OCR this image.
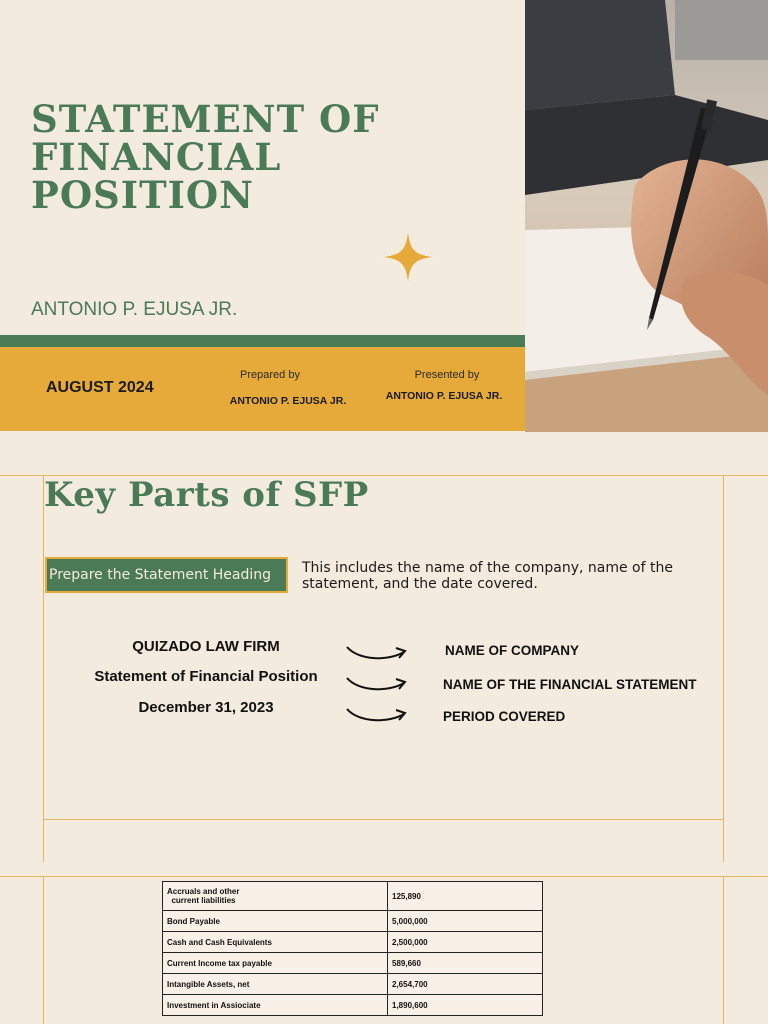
STATEMENT OF
FINANCIAL
POSITION
ANTONIO P. EJUSA JR.
AUGUST 2024
Prepared by
ANTONIO P. EJUSA JR.
Presented by
ANTONIO P. EJUSA JR.
Key Parts of SFP
Prepare the Statement Heading	This includes the name of the company, name of the statement, and the date covered.
QUIZADO LAW FIRM
Statement of Financial Position
December 31, 2023
NAME OF COMPANY
NAME OF THE FINANCIAL STATEMENT
PERIOD COVERED
Accruals and other
current liabilities	125,890
Bond Payable	5,000,000
Cash and Cash Equivalents	2,500,000
Current Income tax payable	589,660
Intangible Assets, net	2,654,700
Investment in Assiociate	1,890,600
